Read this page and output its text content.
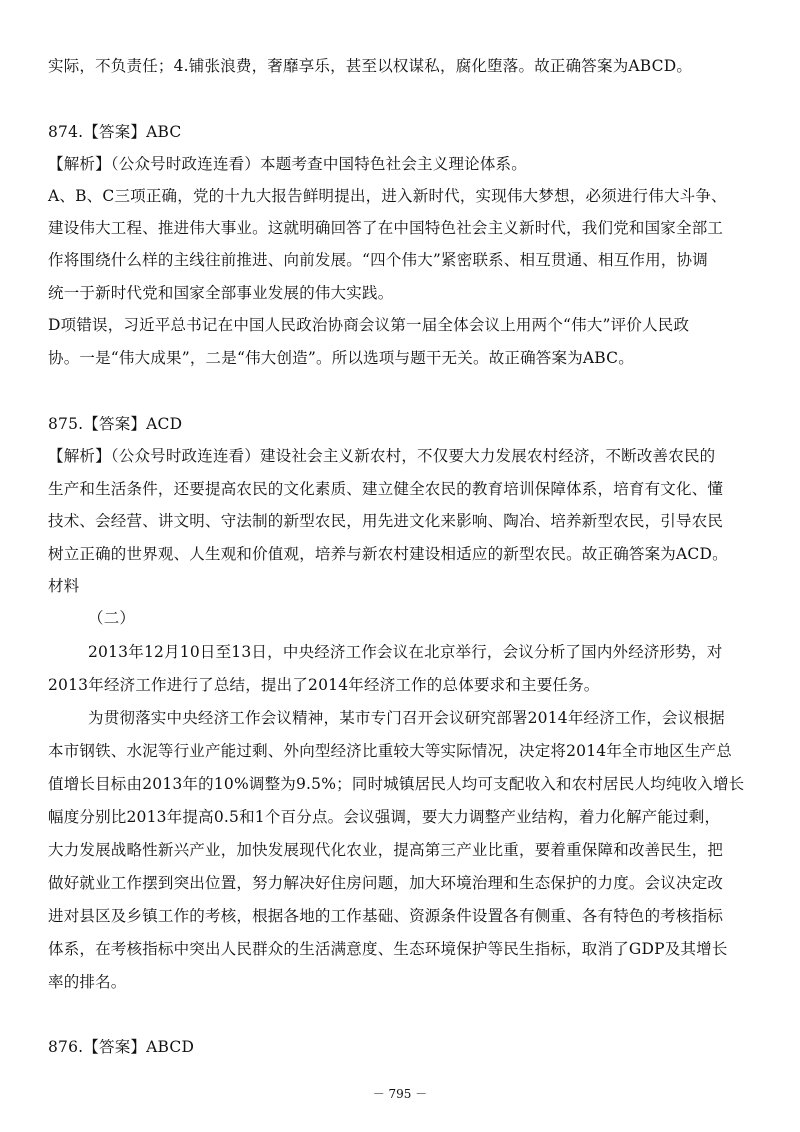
实际，不负责任；4.铺张浪费，奢靡享乐，甚至以权谋私，腐化堕落。故正确答案为ABCD。
874.【答案】ABC
【解析】（公众号时政连连看）本题考查中国特色社会主义理论体系。
A、B、C三项正确，党的十九大报告鲜明提出，进入新时代，实现伟大梦想，必须进行伟大斗争、
建设伟大工程、推进伟大事业。这就明确回答了在中国特色社会主义新时代，我们党和国家全部工
作将围绕什么样的主线往前推进、向前发展。“四个伟大”紧密联系、相互贯通、相互作用，协调
统一于新时代党和国家全部事业发展的伟大实践。
D项错误，习近平总书记在中国人民政治协商会议第一届全体会议上用两个“伟大”评价人民政
协。一是“伟大成果”，二是“伟大创造”。所以选项与题干无关。故正确答案为ABC。
875.【答案】ACD
【解析】（公众号时政连连看）建设社会主义新农村，不仅要大力发展农村经济，不断改善农民的
生产和生活条件，还要提高农民的文化素质、建立健全农民的教育培训保障体系，培育有文化、懂
技术、会经营、讲文明、守法制的新型农民，用先进文化来影响、陶冶、培养新型农民，引导农民
树立正确的世界观、人生观和价值观，培养与新农村建设相适应的新型农民。故正确答案为ACD。
材料
（二）
2013年12月10日至13日，中央经济工作会议在北京举行，会议分析了国内外经济形势，对
2013年经济工作进行了总结，提出了2014年经济工作的总体要求和主要任务。
为贯彻落实中央经济工作会议精神，某市专门召开会议研究部署2014年经济工作，会议根据
本市钢铁、水泥等行业产能过剩、外向型经济比重较大等实际情况，决定将2014年全市地区生产总
值增长目标由2013年的10%调整为9.5%；同时城镇居民人均可支配收入和农村居民人均纯收入增长
幅度分别比2013年提高0.5和1个百分点。会议强调，要大力调整产业结构，着力化解产能过剩，
大力发展战略性新兴产业，加快发展现代化农业，提高第三产业比重，要着重保障和改善民生，把
做好就业工作摆到突出位置，努力解决好住房问题，加大环境治理和生态保护的力度。会议决定改
进对县区及乡镇工作的考核，根据各地的工作基础、资源条件设置各有侧重、各有特色的考核指标
体系，在考核指标中突出人民群众的生活满意度、生态环境保护等民生指标，取消了GDP及其增长
率的排名。
876.【答案】ABCD
－ 795 －
